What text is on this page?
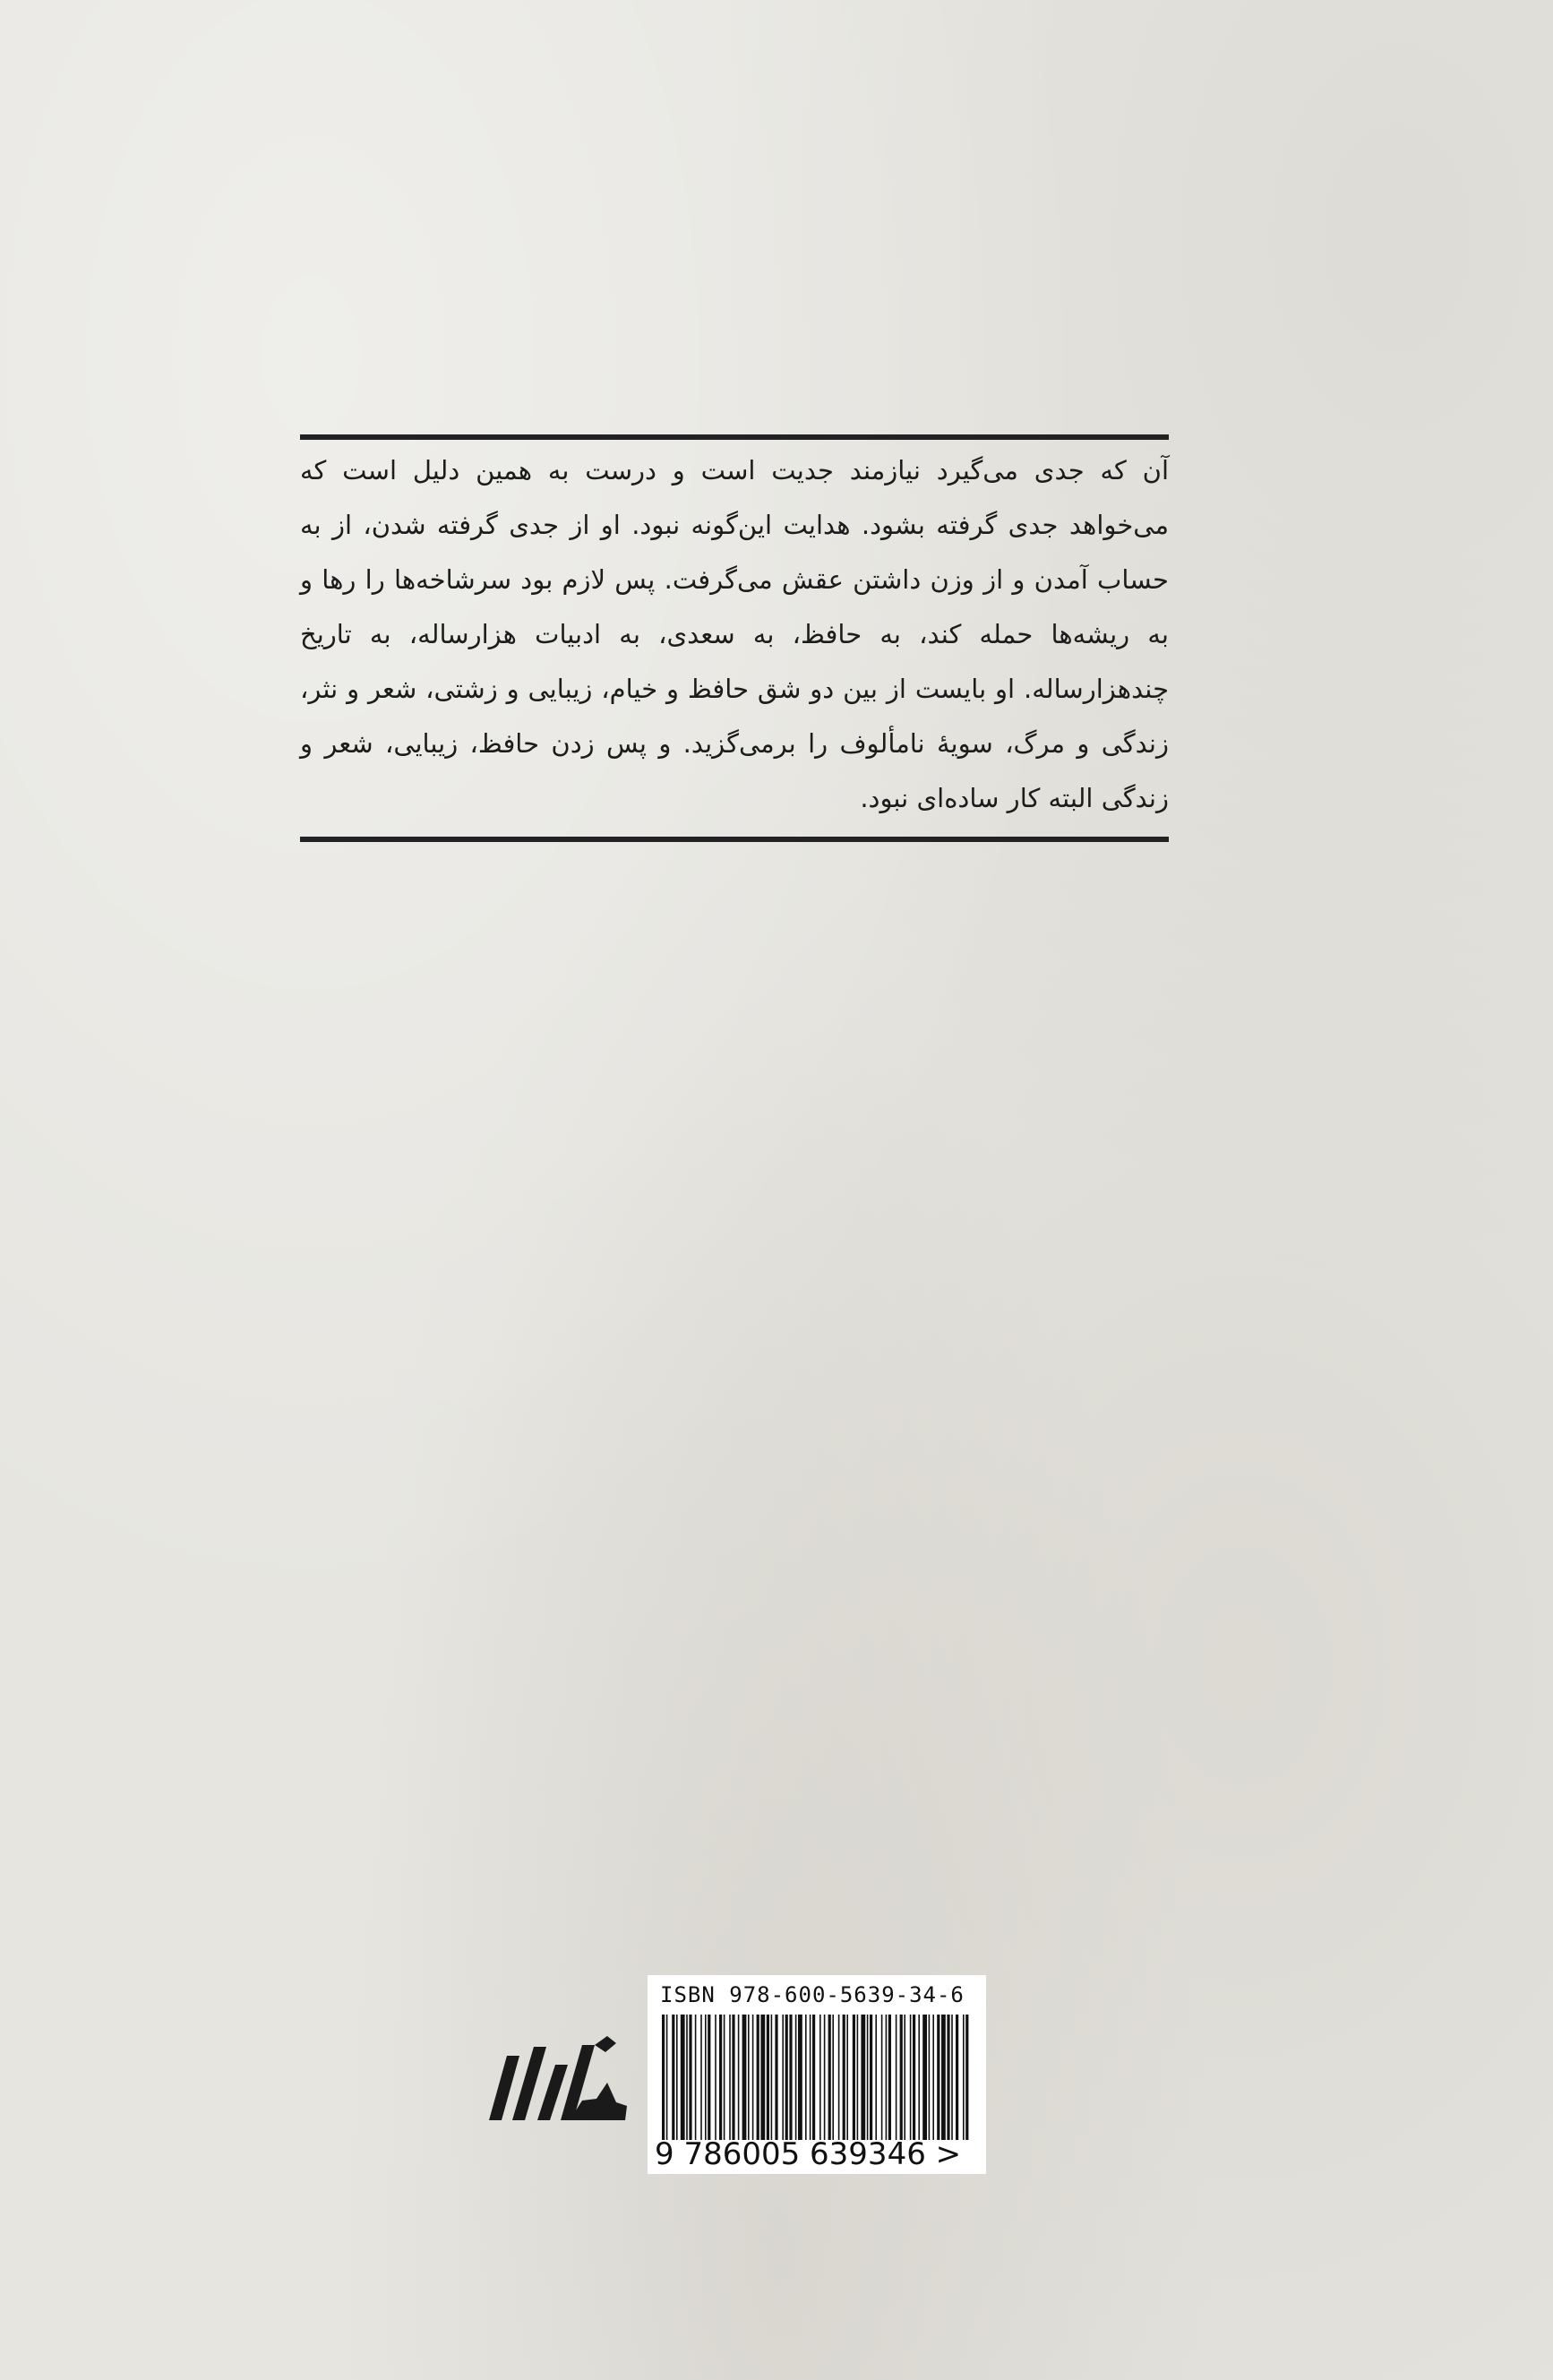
آن که جدی می‌گیرد نیازمند جدیت است و درست به همین دلیل است که می‌خواهد جدی گرفته بشود. هدایت این‌گونه نبود. او از جدی گرفته شدن، از به حساب آمدن و از وزن داشتن عقش می‌گرفت. پس لازم بود سرشاخه‌ها را رها و به ریشه‌ها حمله کند، به حافظ، به سعدی، به ادبیات هزارساله، به تاریخ چندهزارساله. او بایست از بین دو شق حافظ و خیام، زیبایی و زشتی، شعر و نثر، زندگی و مرگ، سویهٔ نامألوف را برمی‌گزید. و پس زدن حافظ، زیبایی، شعر و زندگی البته کار ساده‌ای نبود.

ISBN 978-600-5639-34-6
9 786005 639346 >
